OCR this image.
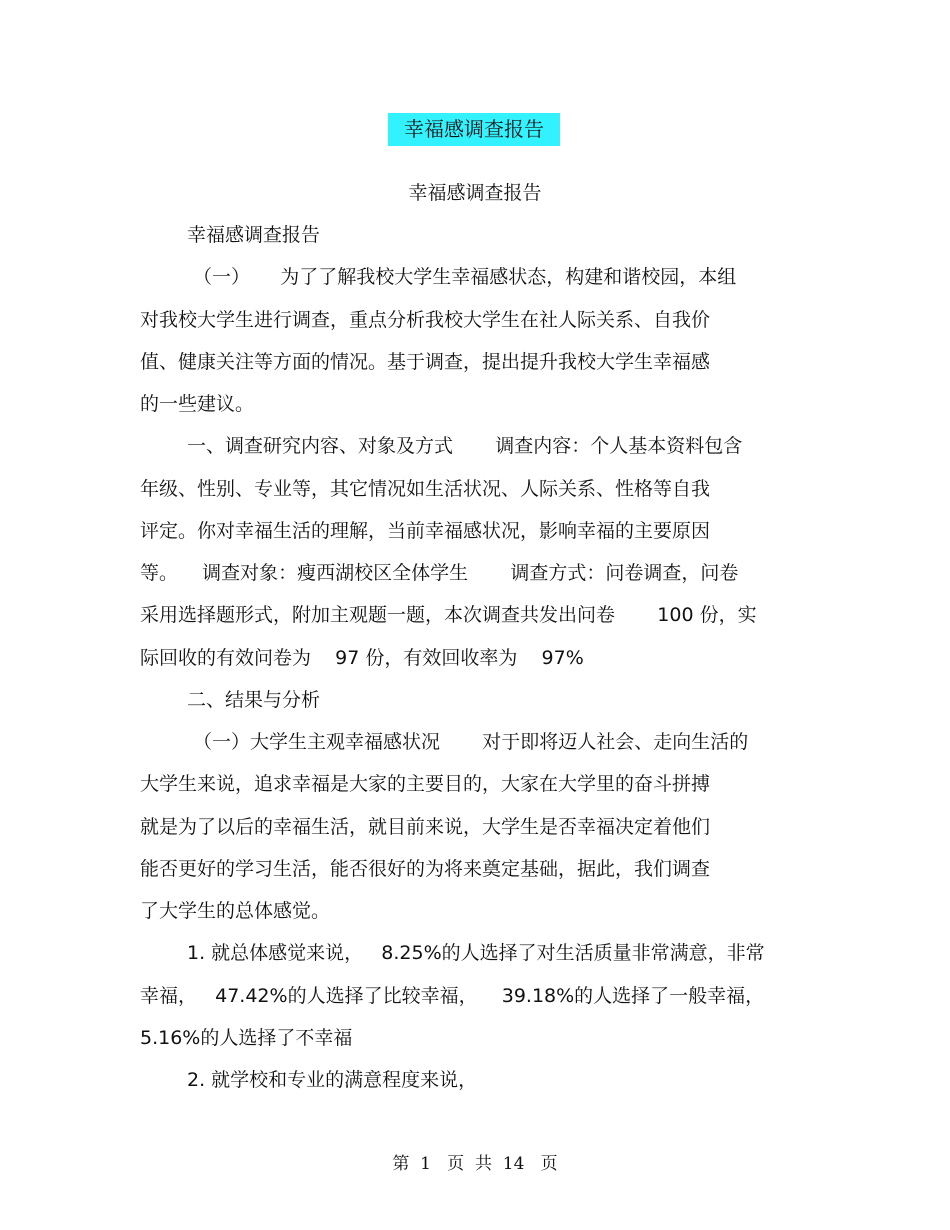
幸福感调查报告
幸福感调查报告
幸福感调查报告
（一）     为了了解我校大学生幸福感状态，构建和谐校园，本组
对我校大学生进行调查，重点分析我校大学生在社人际关系、自我价
值、健康关注等方面的情况。基于调查，提出提升我校大学生幸福感
的一些建议。
一、调查研究内容、对象及方式       调查内容：个人基本资料包含
年级、性别、专业等，其它情况如生活状况、人际关系、性格等自我
评定。你对幸福生活的理解，当前幸福感状况，影响幸福的主要原因
等。    调查对象：瘦西湖校区全体学生       调查方式：问卷调查，问卷
采用选择题形式，附加主观题一题，本次调查共发出问卷       100 份，实
际回收的有效问卷为    97 份，有效回收率为    97%
二、结果与分析
（一）大学生主观幸福感状况       对于即将迈人社会、走向生活的
大学生来说，追求幸福是大家的主要目的，大家在大学里的奋斗拼搏
就是为了以后的幸福生活，就目前来说，大学生是否幸福决定着他们
能否更好的学习生活，能否很好的为将来奠定基础，据此，我们调查
了大学生的总体感觉。
1. 就总体感觉来说，   8.25%的人选择了对生活质量非常满意，非常
幸福，   47.42%的人选择了比较幸福，    39.18%的人选择了一般幸福，
5.16%的人选择了不幸福
2. 就学校和专业的满意程度来说，
第  1   页  共  14   页
